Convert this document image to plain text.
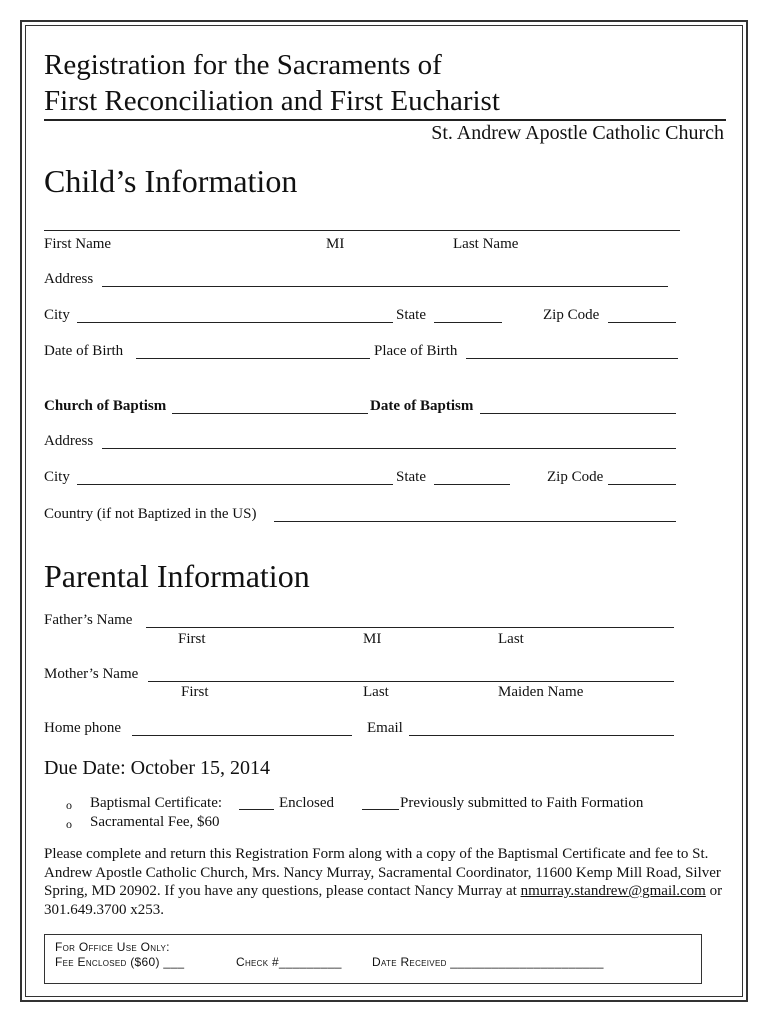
Registration for the Sacraments of
First Reconciliation and First Eucharist
St. Andrew Apostle Catholic Church
Child’s Information
First Name	MI	Last Name
Address
City	State	Zip Code
Date of Birth	Place of Birth
Church of Baptism	Date of Baptism
Address
City	State	Zip Code
Country (if not Baptized in the US)
Parental Information
Father’s Name
First	MI	Last
Mother’s Name
First	Last	Maiden Name
Home phone	Email
Due Date: October 15, 2014
o Baptismal Certificate:	Enclosed	Previously submitted to Faith Formation
o Sacramental Fee, $60
Please complete and return this Registration Form along with a copy of the Baptismal Certificate and fee to St. Andrew Apostle Catholic Church, Mrs. Nancy Murray, Sacramental Coordinator, 11600 Kemp Mill Road, Silver Spring, MD 20902. If you have any questions, please contact Nancy Murray at nmurray.standrew@gmail.com or 301.649.3700 x253.
For Office Use Only:
Fee Enclosed ($60) ___	Check #_________	Date Received ______________________
